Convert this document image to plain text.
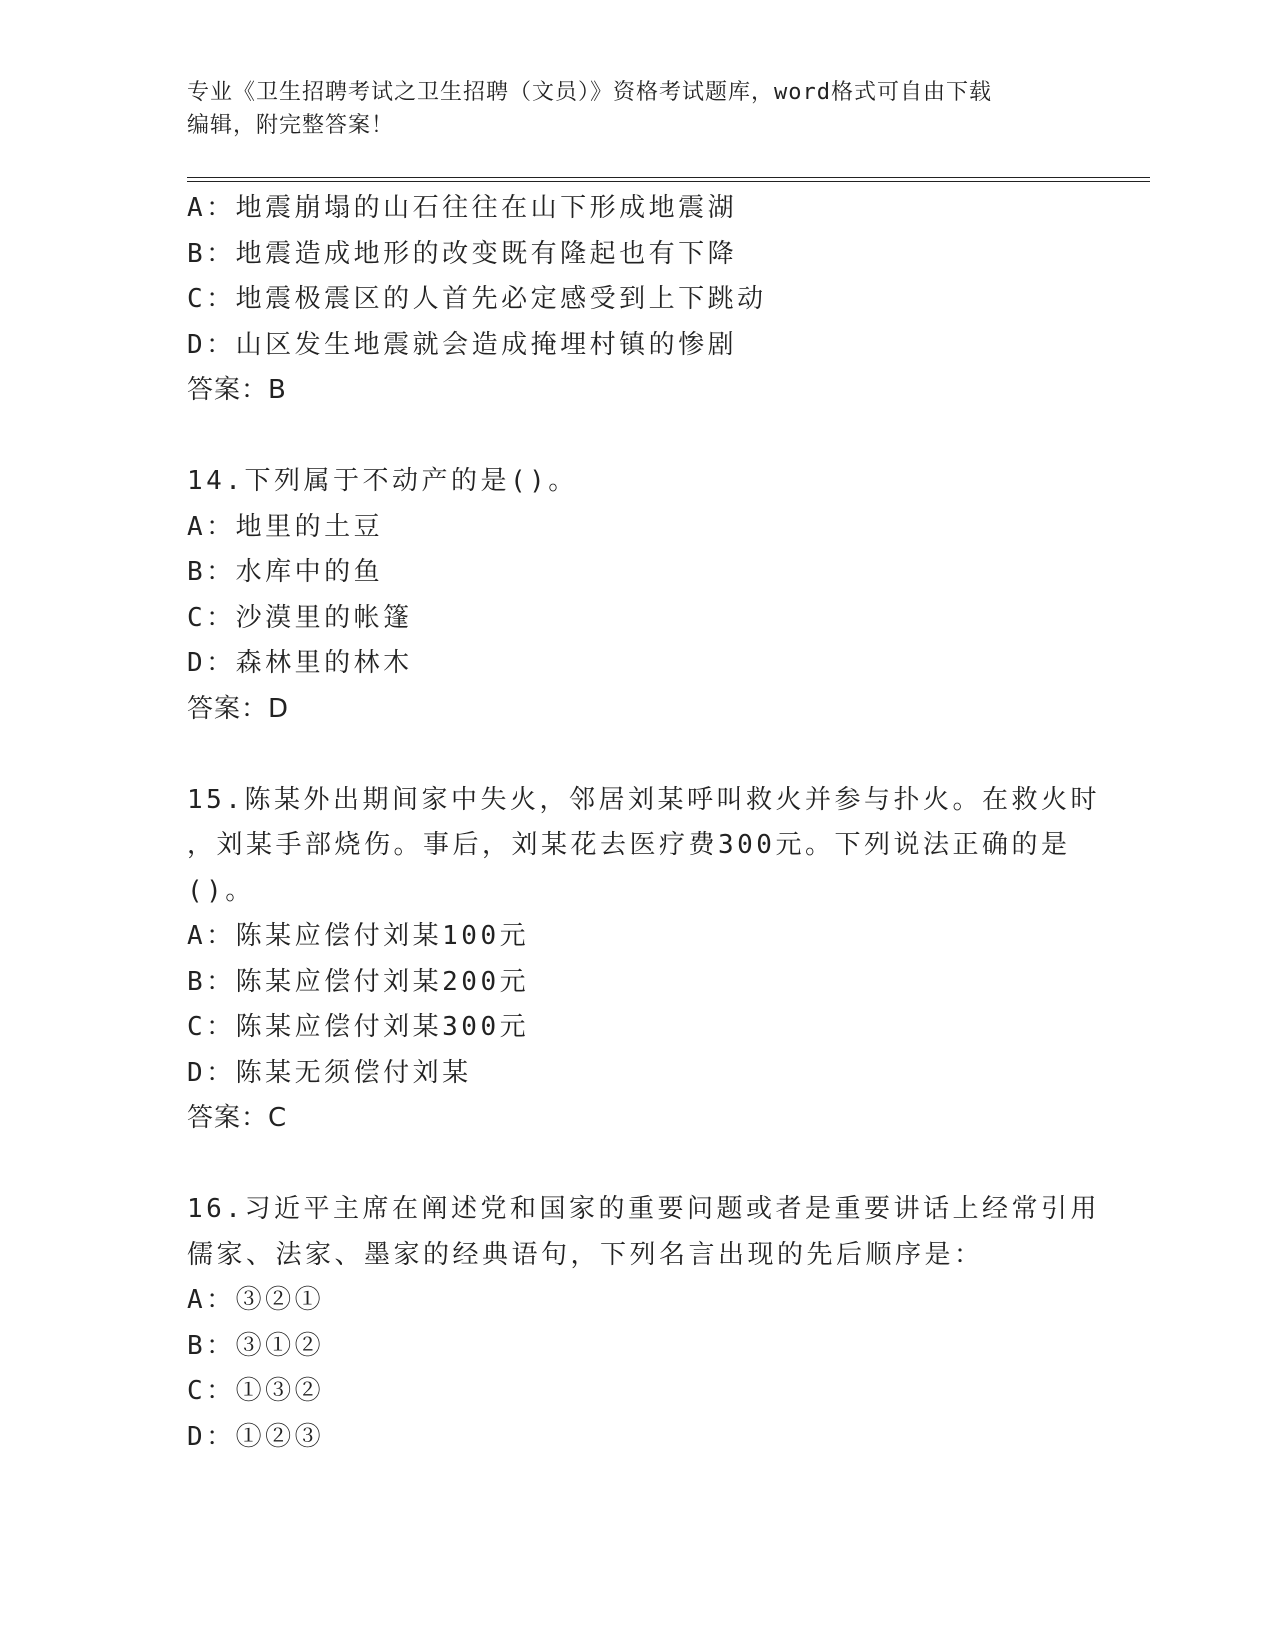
专业《卫生招聘考试之卫生招聘（文员）》资格考试题库，word格式可自由下载
编辑，附完整答案！
A：地震崩塌的山石往往在山下形成地震湖
B：地震造成地形的改变既有隆起也有下降
C：地震极震区的人首先必定感受到上下跳动
D：山区发生地震就会造成掩埋村镇的惨剧
答案：B
14.下列属于不动产的是()。
A：地里的土豆
B：水库中的鱼
C：沙漠里的帐篷
D：森林里的林木
答案：D
15.陈某外出期间家中失火，邻居刘某呼叫救火并参与扑火。在救火时
，刘某手部烧伤。事后，刘某花去医疗费300元。下列说法正确的是
()。
A：陈某应偿付刘某100元
B：陈某应偿付刘某200元
C：陈某应偿付刘某300元
D：陈某无须偿付刘某
答案：C
16.习近平主席在阐述党和国家的重要问题或者是重要讲话上经常引用
儒家、法家、墨家的经典语句，下列名言出现的先后顺序是：
A：③②①
B：③①②
C：①③②
D：①②③
